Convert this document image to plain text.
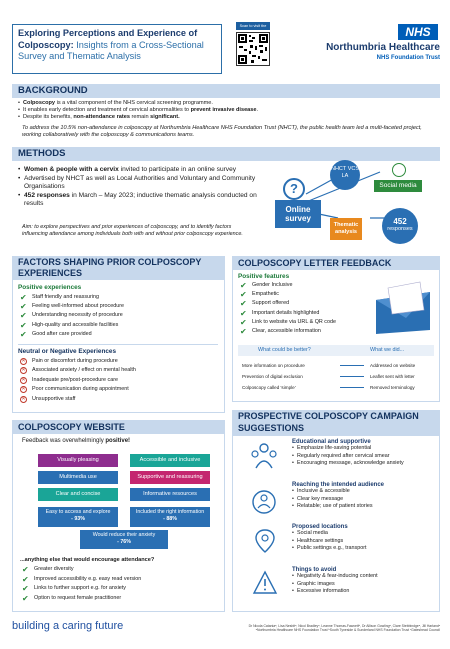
Exploring Perceptions and Experience of Colposcopy: Insights from a Cross-Sectional Survey and Thematic Analysis
Scan to visit the	NHS
Northumbria Healthcare
NHS Foundation Trust
BACKGROUND
• Colposcopy is a vital component of the NHS cervical screening programme.
• It enables early detection and treatment of cervical abnormalities to prevent invasive disease.
• Despite its benefits, non-attendance rates remain significant.

To address the 10.5% non-attendance in colposcopy at Northumbria Healthcare NHS Foundation Trust (NHCT), the public health team led a multi-faceted project, working collaboratively with the colposcopy & communications teams.

METHODS
• Women & people with a cervix invited to participate in an online survey
• Advertised by NHCT as well as Local Authorities and Voluntary and Community Organisations
• 452 responses in March – May 2023; inductive thematic analysis conducted on results

Aim: to explore perspectives and prior experiences of colposcopy, and to identify factors influencing attendance among individuals both with and without prior colposcopy experience.

?
Online survey
NHCT VCS LA
Social media
Thematic analysis
452
responses
FACTORS SHAPING PRIOR COLPOSCOPY EXPERIENCES
Positive experiences
✔ Staff friendly and reassuring
✔ Feeling well-informed about procedure
✔ Understanding necessity of procedure
✔ High-quality and accessible facilities
✔ Good after care provided
Neutral or Negative Experiences
✕ Pain or discomfort during procedure
✕ Associated anxiety / effect on mental health
✕ Inadequate pre/post-procedure care
✕ Poor communication during appointment
✕ Unsupportive staff
COLPOSCOPY LETTER FEEDBACK
Positive features
✔ Gender Inclusive
✔ Empathetic
✔ Support offered
✔ Important details highlighted
✔ Link to website via URL & QR code
✔ Clear, accessible information
What could be better?	What we did...
More information on procedure	Addressed on website
Prevention of digital exclusion	Leaflet sent with letter
Colposcopy called 'simple'	Removed terminology
COLPOSCOPY WEBSITE
Feedback was overwhelmingly positive!
Visually pleasing	Accessible and inclusive
Multimedia use	Supportive and reassuring
Clear and concise	Informative resources
Easy to access and explore
- 93%
Included the right information
- 88%
Would reduce their anxiety
- 76%
...anything else that would encourage attendance?
✔ Greater diversity
✔ Improved accessibility e.g. easy read version
✔ Links to further support e.g. for anxiety
✔ Option to request female practitioner
PROSPECTIVE COLPOSCOPY CAMPAIGN SUGGESTIONS
Educational and supportive
• Emphasize life-saving potential
• Regularly required after cervical smear
• Encouraging message, acknowledge anxiety
Reaching the intended audience
• Inclusive & accessible
• Clear key message
• Relatable; use of patient stories
Proposed locations
• Social media
• Healthcare settings
• Public settings e.g., transport
Things to avoid
• Negativity & fear-inducing content
• Graphic images
• Excessive information
building a caring future	Dr Nicola Cataniaᵃ, Lisa Nesbitᵃ, Nicol Bradleyᵃ, Leanne Thomas-Fawcettᵇ, Dr Allison Gowlingᵃ, Clare Stebbindgeᵃ, Jill Harlandᵃ
ᵃNorthumbria Healthcare NHS Foundation Trust ᵇSouth Tyneside & Sunderland NHS Foundation Trust ᶜGateshead Council
